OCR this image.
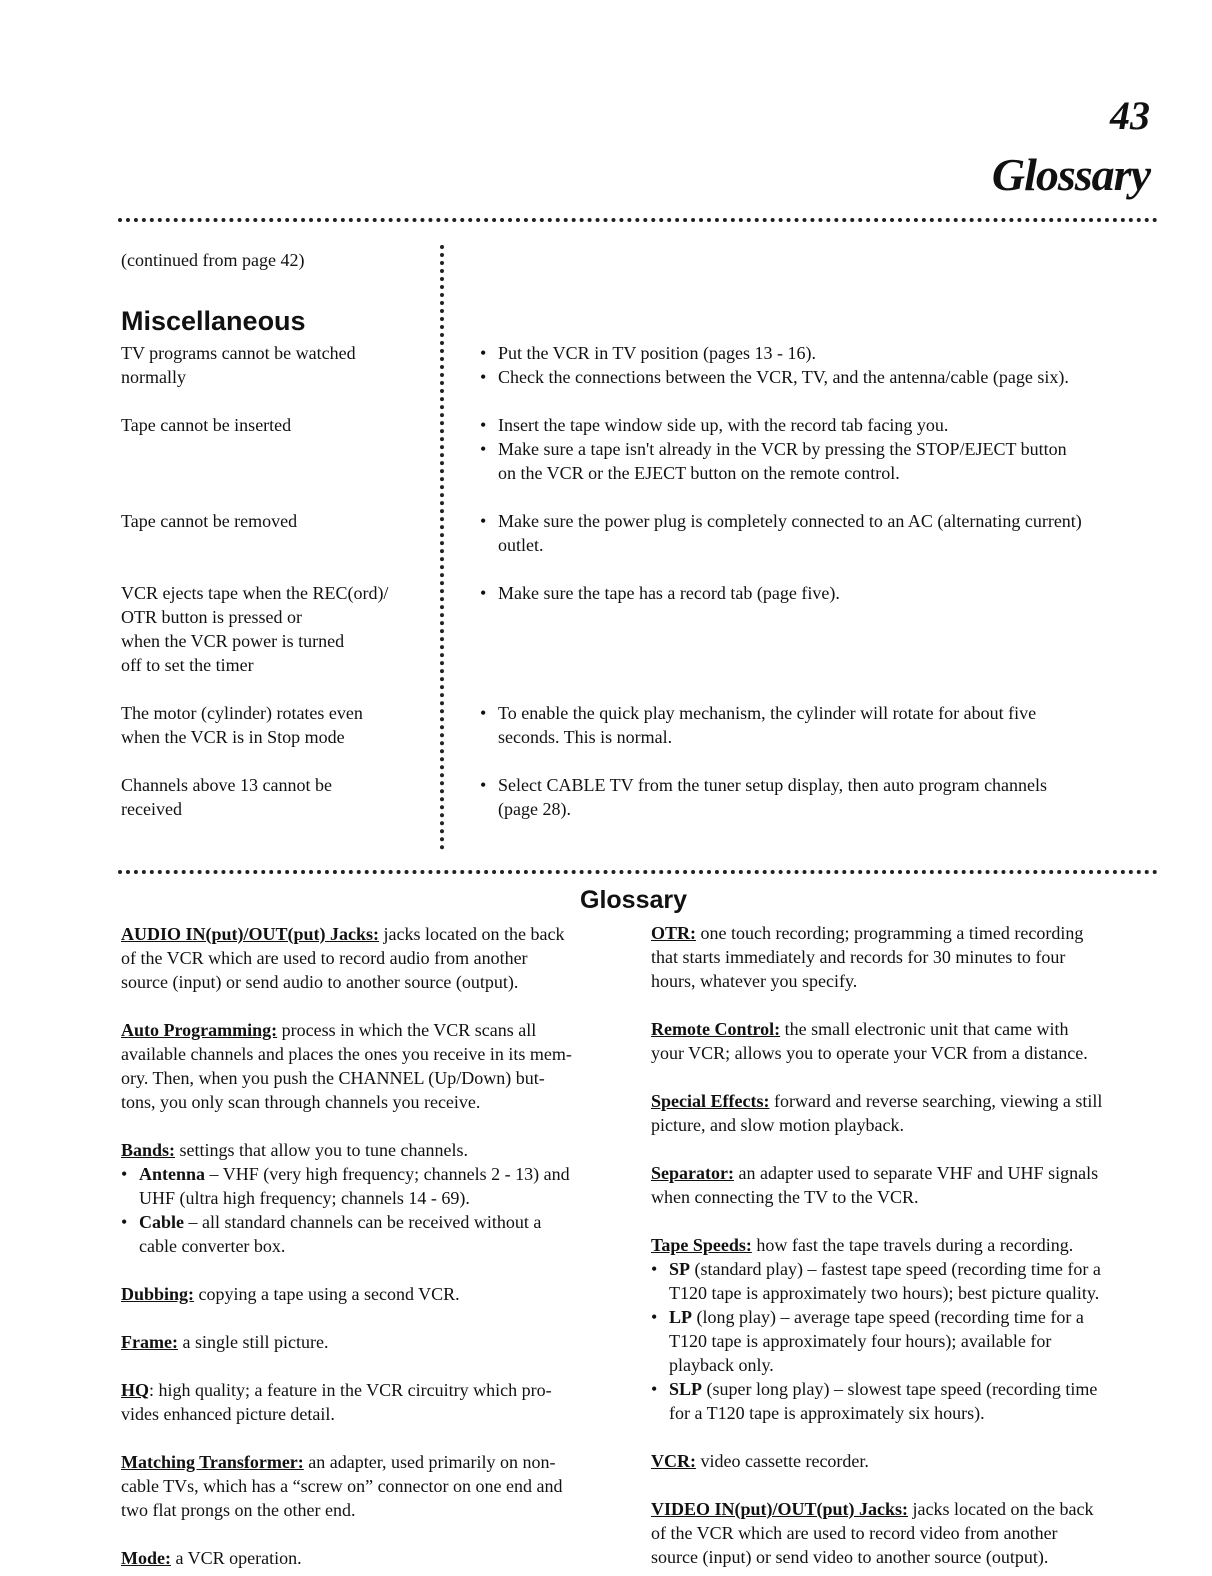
43
Glossary
(continued from page 42)
Miscellaneous
TV programs cannot be watched
normally
• Put the VCR in TV position (pages 13 - 16).
• Check the connections between the VCR, TV, and the antenna/cable (page six).
Tape cannot be inserted	• Insert the tape window side up, with the record tab facing you.
• Make sure a tape isn't already in the VCR by pressing the STOP/EJECT button
on the VCR or the EJECT button on the remote control.
Tape cannot be removed	• Make sure the power plug is completely connected to an AC (alternating current)
outlet.
VCR ejects tape when the REC(ord)/
OTR button is pressed or
when the VCR power is turned
off to set the timer
• Make sure the tape has a record tab (page five).
The motor (cylinder) rotates even
when the VCR is in Stop mode
• To enable the quick play mechanism, the cylinder will rotate for about five
seconds. This is normal.
Channels above 13 cannot be
received
• Select CABLE TV from the tuner setup display, then auto program channels
(page 28).
Glossary
AUDIO IN(put)/OUT(put) Jacks: jacks located on the back
of the VCR which are used to record audio from another
source (input) or send audio to another source (output).
Auto Programming: process in which the VCR scans all
available channels and places the ones you receive in its mem-
ory. Then, when you push the CHANNEL (Up/Down) but-
tons, you only scan through channels you receive.
Bands: settings that allow you to tune channels.
• Antenna – VHF (very high frequency; channels 2 - 13) and
UHF (ultra high frequency; channels 14 - 69).
• Cable – all standard channels can be received without a
cable converter box.
Dubbing: copying a tape using a second VCR.
Frame: a single still picture.
HQ: high quality; a feature in the VCR circuitry which pro-
vides enhanced picture detail.
Matching Transformer: an adapter, used primarily on non-
cable TVs, which has a “screw on” connector on one end and
two flat prongs on the other end.
Mode: a VCR operation.
OTR: one touch recording; programming a timed recording
that starts immediately and records for 30 minutes to four
hours, whatever you specify.
Remote Control: the small electronic unit that came with
your VCR; allows you to operate your VCR from a distance.
Special Effects: forward and reverse searching, viewing a still
picture, and slow motion playback.
Separator: an adapter used to separate VHF and UHF signals
when connecting the TV to the VCR.
Tape Speeds: how fast the tape travels during a recording.
• SP (standard play) – fastest tape speed (recording time for a
T120 tape is approximately two hours); best picture quality.
• LP (long play) – average tape speed (recording time for a
T120 tape is approximately four hours); available for
playback only.
• SLP (super long play) – slowest tape speed (recording time
for a T120 tape is approximately six hours).
VCR: video cassette recorder.
VIDEO IN(put)/OUT(put) Jacks: jacks located on the back
of the VCR which are used to record video from another
source (input) or send video to another source (output).
